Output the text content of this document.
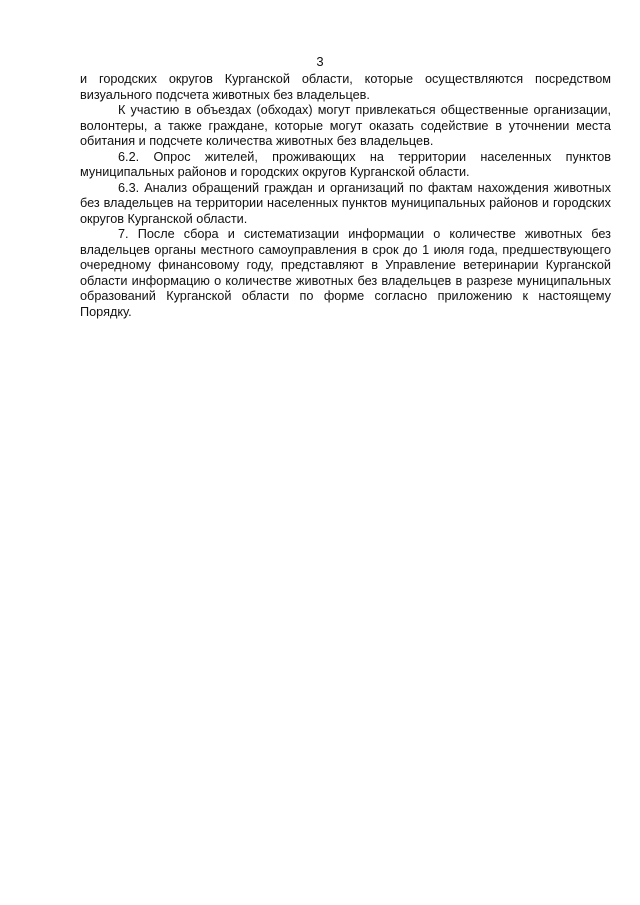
3

и городских округов Курганской области, которые осуществляются посредством визуального подсчета животных без владельцев.

К участию в объездах (обходах) могут привлекаться общественные организации, волонтеры, а также граждане, которые могут оказать содействие в уточнении места обитания и подсчете количества животных без владельцев.

6.2. Опрос жителей, проживающих на территории населенных пунктов муниципальных районов и городских округов Курганской области.

6.3. Анализ обращений граждан и организаций по фактам нахождения животных без владельцев на территории населенных пунктов муниципальных районов и городских округов Курганской области.

7. После сбора и систематизации информации о количестве животных без владельцев органы местного самоуправления в срок до 1 июля года, предшествующего очередному финансовому году, представляют в Управление ветеринарии Курганской области информацию о количестве животных без владельцев в разрезе муниципальных образований Курганской области по форме согласно приложению к настоящему Порядку.
